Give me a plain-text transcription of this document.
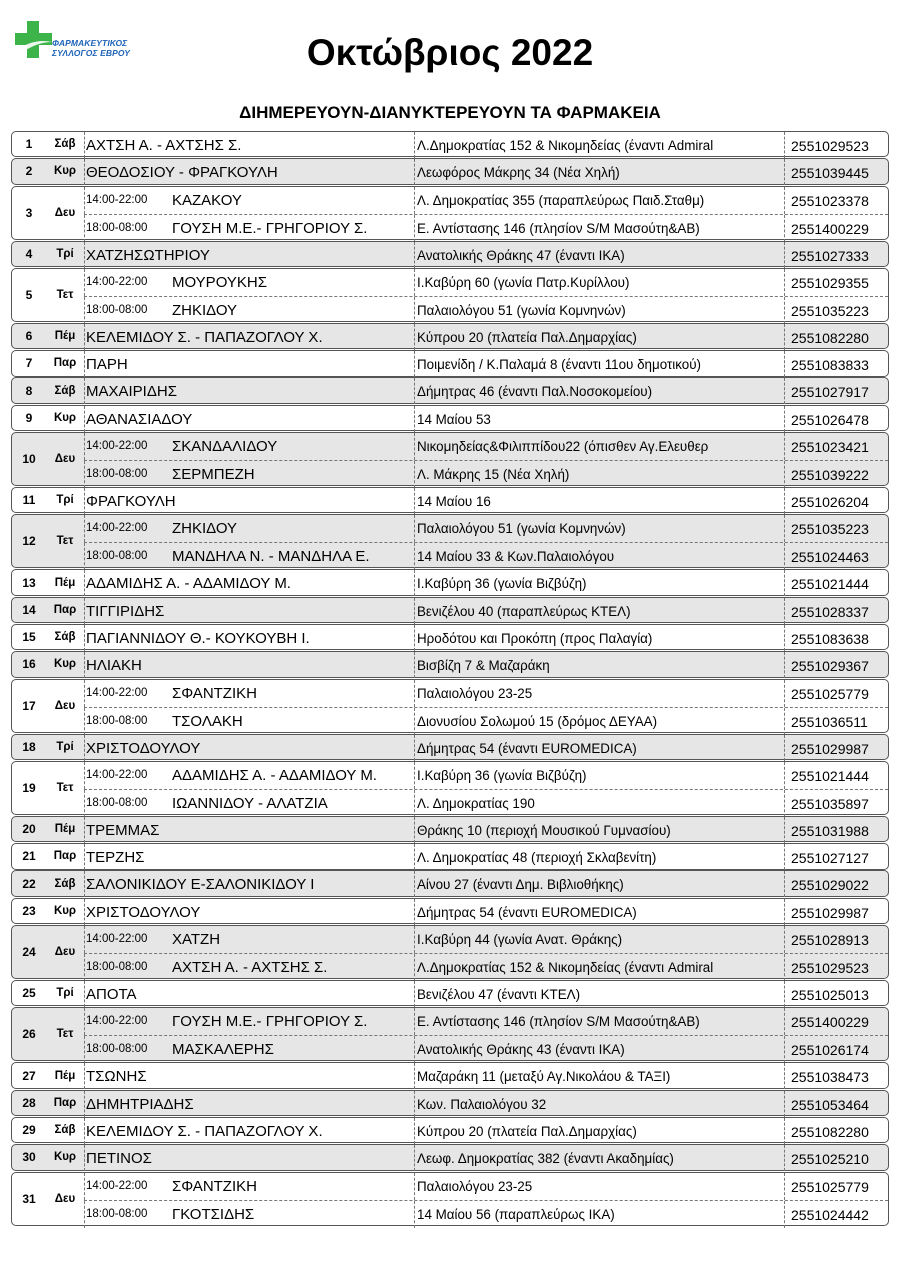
ΦΑΡΜΑΚΕΥΤΙΚΟΣ
ΣΥΛΛΟΓΟΣ ΕΒΡΟΥ	Οκτώβριος 2022
ΔΙΗΜΕΡΕΥΟΥΝ-ΔΙΑΝΥΚΤΕΡΕΥΟΥΝ ΤΑ ΦΑΡΜΑΚΕΙΑ
1	Σάβ ΑΧΤΣΗ Α. - ΑΧΤΣΗΣ Σ.	Λ.Δημοκρατίας 152 & Νικομηδείας (έναντι Admiral	2551029523
2	Κυρ ΘΕΟΔΟΣΙΟΥ - ΦΡΑΓΚΟΥΛΗ	Λεωφόρος Μάκρης 34 (Νέα Χηλή)	2551039445
3	Δευ
14:00-22:00 ΚΑΖΑΚΟΥ	Λ. Δημοκρατίας 355 (παραπλεύρως Παιδ.Σταθμ)	2551023378
18:00-08:00 ΓΟΥΣΗ Μ.Ε.- ΓΡΗΓΟΡΙΟΥ Σ.	Ε. Αντίστασης 146 (πλησίον S/M Μασούτη&ΑΒ)	2551400229
4	Τρί ΧΑΤΖΗΣΩΤΗΡΙΟΥ	Ανατολικής Θράκης 47 (έναντι ΙΚΑ)	2551027333
5	Τετ
14:00-22:00 ΜΟΥΡΟΥΚΗΣ	Ι.Καβύρη 60 (γωνία Πατρ.Κυρίλλου)	2551029355
18:00-08:00 ΖΗΚΙΔΟΥ	Παλαιολόγου 51 (γωνία Κομνηνών)	2551035223
6	Πέμ ΚΕΛΕΜΙΔΟΥ Σ. - ΠΑΠΑΖΟΓΛΟΥ Χ.	Κύπρου 20 (πλατεία Παλ.Δημαρχίας)	2551082280
7	Παρ ΠΑΡΗ	Ποιμενίδη / Κ.Παλαμά 8 (έναντι 11ου δημοτικού)	2551083833
8	Σάβ ΜΑΧΑΙΡΙΔΗΣ	Δήμητρας 46 (έναντι Παλ.Νοσοκομείου)	2551027917
9	Κυρ ΑΘΑΝΑΣΙΑΔΟΥ	14 Μαίου 53	2551026478
10	Δευ
14:00-22:00 ΣΚΑΝΔΑΛΙΔΟΥ	Νικομηδείας&Φιλιππίδου22 (όπισθεν Αγ.Ελευθερ	2551023421
18:00-08:00 ΣΕΡΜΠΕΖΗ	Λ. Μάκρης 15 (Νέα Χηλή)	2551039222
11	Τρί ΦΡΑΓΚΟΥΛΗ	14 Μαίου 16	2551026204
12	Τετ
14:00-22:00 ΖΗΚΙΔΟΥ	Παλαιολόγου 51 (γωνία Κομνηνών)	2551035223
18:00-08:00 ΜΑΝΔΗΛΑ Ν. - ΜΑΝΔΗΛΑ Ε.	14 Μαίου 33 & Κων.Παλαιολόγου	2551024463
13	Πέμ ΑΔΑΜΙΔΗΣ Α. - ΑΔΑΜΙΔΟΥ Μ.	Ι.Καβύρη 36 (γωνία Βιζβύζη)	2551021444
14	Παρ ΤΙΓΓΙΡΙΔΗΣ	Βενιζέλου 40 (παραπλεύρως ΚΤΕΛ)	2551028337
15	Σάβ ΠΑΓΙΑΝΝΙΔΟΥ Θ.- ΚΟΥΚΟΥΒΗ Ι.	Ηροδότου και Προκόπη (προς Παλαγία)	2551083638
16	Κυρ ΗΛΙΑΚΗ	Βισβίζη 7 & Μαζαράκη	2551029367
17	Δευ
14:00-22:00 ΣΦΑΝΤΖΙΚΗ	Παλαιολόγου 23-25	2551025779
18:00-08:00 ΤΣΟΛΑΚΗ	Διονυσίου Σολωμού 15 (δρόμος ΔΕΥΑΑ)	2551036511
18	Τρί ΧΡΙΣΤΟΔΟΥΛΟΥ	Δήμητρας 54 (έναντι EUROMEDICA)	2551029987
19	Τετ
14:00-22:00 ΑΔΑΜΙΔΗΣ Α. - ΑΔΑΜΙΔΟΥ Μ.	Ι.Καβύρη 36 (γωνία Βιζβύζη)	2551021444
18:00-08:00 ΙΩΑΝΝΙΔΟΥ - ΑΛΑΤΖΙΑ	Λ. Δημοκρατίας 190	2551035897
20	Πέμ ΤΡΕΜΜΑΣ	Θράκης 10 (περιοχή Μουσικού Γυμνασίου)	2551031988
21	Παρ ΤΕΡΖΗΣ	Λ. Δημοκρατίας 48 (περιοχή Σκλαβενίτη)	2551027127
22	Σάβ ΣΑΛΟΝΙΚΙΔΟΥ Ε-ΣΑΛΟΝΙΚΙΔΟΥ Ι	Αίνου 27 (έναντι Δημ. Βιβλιοθήκης)	2551029022
23	Κυρ ΧΡΙΣΤΟΔΟΥΛΟΥ	Δήμητρας 54 (έναντι EUROMEDICA)	2551029987
24	Δευ
14:00-22:00 ΧΑΤΖΗ	Ι.Καβύρη 44 (γωνία Ανατ. Θράκης)	2551028913
18:00-08:00 ΑΧΤΣΗ Α. - ΑΧΤΣΗΣ Σ.	Λ.Δημοκρατίας 152 & Νικομηδείας (έναντι Admiral	2551029523
25	Τρί ΑΠΟΤΑ	Βενιζέλου 47 (έναντι ΚΤΕΛ)	2551025013
26	Τετ
14:00-22:00 ΓΟΥΣΗ Μ.Ε.- ΓΡΗΓΟΡΙΟΥ Σ.	Ε. Αντίστασης 146 (πλησίον S/M Μασούτη&ΑΒ)	2551400229
18:00-08:00 ΜΑΣΚΑΛΕΡΗΣ	Ανατολικής Θράκης 43 (έναντι ΙΚΑ)	2551026174
27	Πέμ ΤΣΩΝΗΣ	Μαζαράκη 11 (μεταξύ Αγ.Νικολάου & ΤΑΞΙ)	2551038473
28	Παρ ΔΗΜΗΤΡΙΑΔΗΣ	Κων. Παλαιολόγου 32	2551053464
29	Σάβ ΚΕΛΕΜΙΔΟΥ Σ. - ΠΑΠΑΖΟΓΛΟΥ Χ.	Κύπρου 20 (πλατεία Παλ.Δημαρχίας)	2551082280
30	Κυρ ΠΕΤΙΝΟΣ	Λεωφ. Δημοκρατίας 382 (έναντι Ακαδημίας)	2551025210
31	Δευ
14:00-22:00 ΣΦΑΝΤΖΙΚΗ	Παλαιολόγου 23-25	2551025779
18:00-08:00 ΓΚΟΤΣΙΔΗΣ	14 Μαίου 56 (παραπλεύρως ΙΚΑ)	2551024442
